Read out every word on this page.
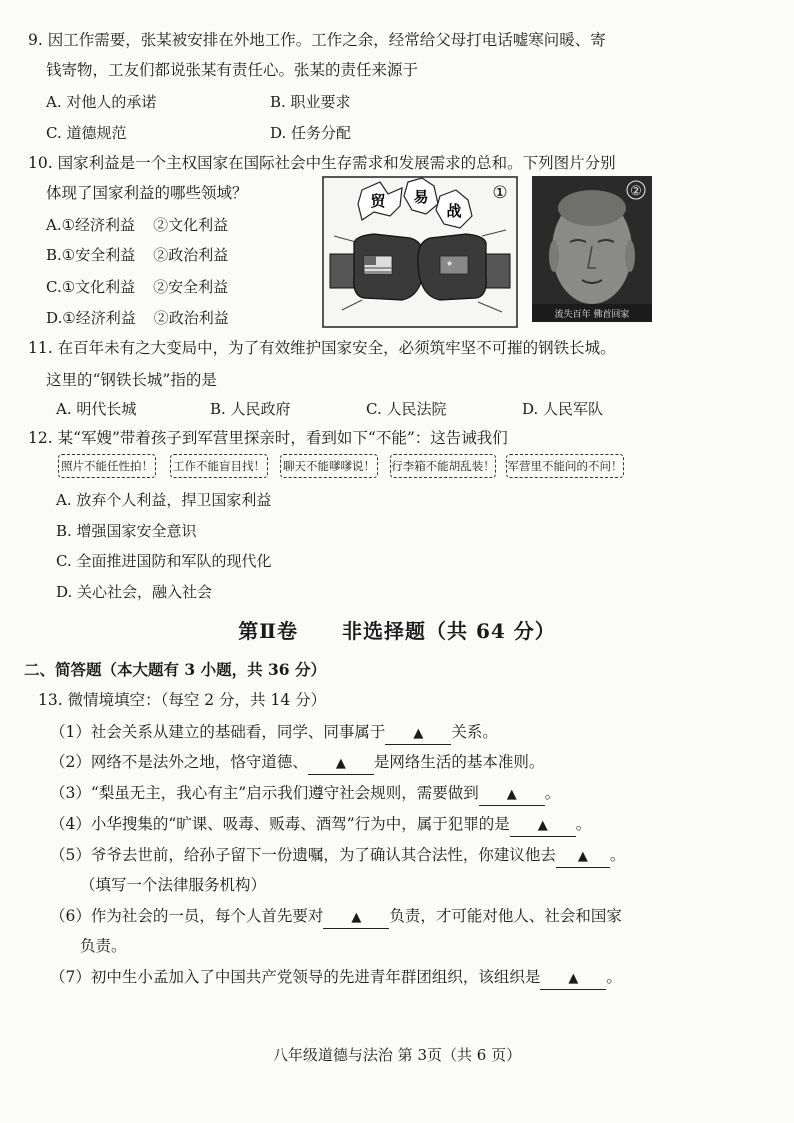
9. 因工作需要，张某被安排在外地工作。工作之余，经常给父母打电话嘘寒问暖、寄
钱寄物，工友们都说张某有责任心。张某的责任来源于
A. 对他人的承诺	B. 职业要求
C. 道德规范	D. 任务分配
10. 国家利益是一个主权国家在国际社会中生存需求和发展需求的总和。下列图片分别
体现了国家利益的哪些领域？
A.①经济利益 ②文化利益
B.①安全利益 ②政治利益
C.①文化利益 ②安全利益
D.①经济利益 ②政治利益
贸 易
战
①
★
流失百年 佛首回家
②
11. 在百年未有之大变局中，为了有效维护国家安全，必须筑牢坚不可摧的钢铁长城。
这里的“钢铁长城”指的是
A. 明代长城	B. 人民政府	C. 人民法院	D. 人民军队
12. 某“军嫂”带着孩子到军营里探亲时，看到如下“不能”：这告诫我们
照片不能任性拍！ 工作不能盲目找！ 聊天不能嗲嗲说！ 行李箱不能胡乱装！ 军营里不能问的不问！
A. 放弃个人利益，捍卫国家利益
B. 增强国家安全意识
C. 全面推进国防和军队的现代化
D. 关心社会，融入社会
第Ⅱ卷 非选择题（共 64 分）
二、简答题（本大题有 3 小题，共 36 分）
13. 微情境填空：（每空 2 分，共 14 分）
（1）社会关系从建立的基础看，同学、同事属于 ▲ 关系。
（2）网络不是法外之地，恪守道德、 ▲ 是网络生活的基本准则。
（3）“梨虽无主，我心有主”启示我们遵守社会规则，需要做到 ▲ 。
（4）小华搜集的“旷课、吸毒、贩毒、酒驾”行为中，属于犯罪的是 ▲ 。
（5）爷爷去世前，给孙子留下一份遗嘱，为了确认其合法性，你建议他去 ▲ 。
（填写一个法律服务机构）
（6）作为社会的一员，每个人首先要对 ▲ 负责，才可能对他人、社会和国家
负责。
（7）初中生小孟加入了中国共产党领导的先进青年群团组织，该组织是 ▲ 。
八年级道德与法治 第 3页（共 6 页）
